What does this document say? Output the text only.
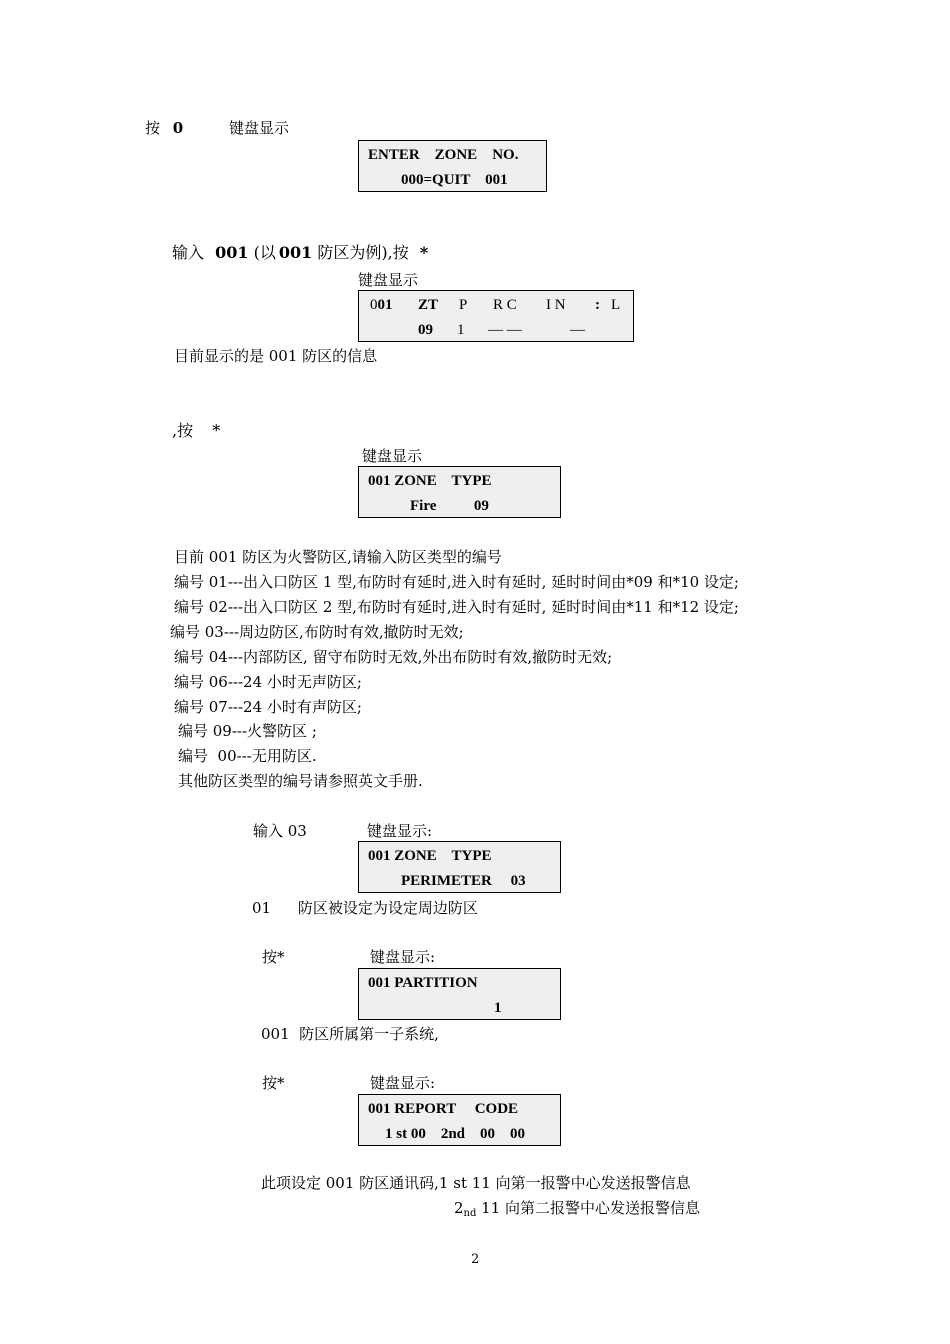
按 0	键盘显示
ENTER    ZONE    NO.
000=QUIT    001
输入 001 (以 001 防区为例),按 *
键盘显示
001 ZT P R C I N : L
09 1 — —	—
目前显示的是 001 防区的信息
,按 *
键盘显示
001 ZONE    TYPE
Fire          09
目前 001 防区为火警防区,请输入防区类型的编号
编号 01---出入口防区 1 型,布防时有延时,进入时有延时, 延时时间由*09 和*10 设定;
编号 02---出入口防区 2 型,布防时有延时,进入时有延时, 延时时间由*11 和*12 设定;
编号 03---周边防区,布防时有效,撤防时无效;
编号 04---内部防区, 留守布防时无效,外出布防时有效,撤防时无效;
编号 06---24 小时无声防区;
编号 07---24 小时有声防区;
编号 09---火警防区 ;
编号  00---无用防区.
其他防区类型的编号请参照英文手册.
输入 03	键盘显示:
001 ZONE    TYPE
PERIMETER     03
01 防区被设定为设定周边防区
按*	键盘显示:
001 PARTITION
1
001  防区所属第一子系统,
按*	键盘显示:
001 REPORT     CODE
1 st 00    2nd    00    00
此项设定 001 防区通讯码,1 st 11 向第一报警中心发送报警信息
$2_{nd}$ 11 向第二报警中心发送报警信息
2
